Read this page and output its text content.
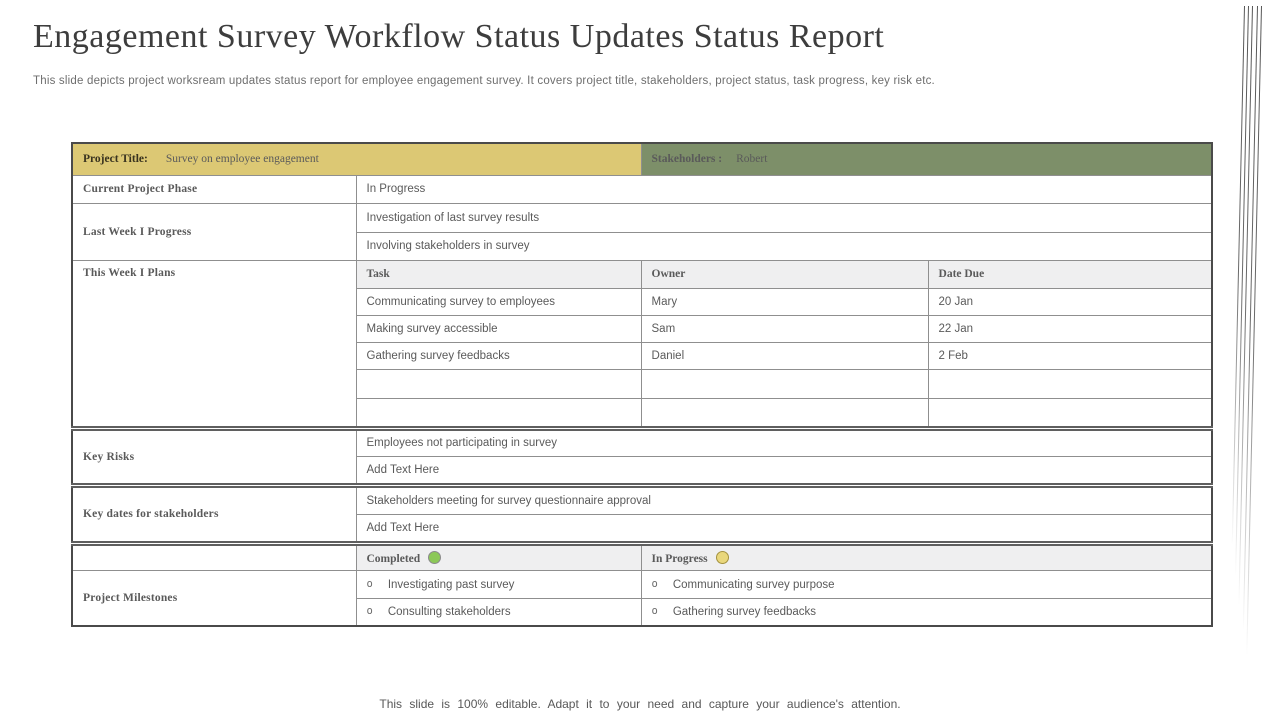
Engagement Survey Workflow Status Updates Status Report
This slide depicts project worksream updates status report for employee engagement survey. It covers project title, stakeholders, project status, task progress, key risk etc.
Project Title: Survey on employee engagement		Stakeholders : Robert	
Current Project Phase	In Progress		
Last Week I Progress	Investigation of last survey results		
	Involving stakeholders in survey		
This Week I Plans	Task	Owner	Date Due
	Communicating survey to employees	Mary	20 Jan
	Making survey accessible	Sam	22 Jan
	Gathering survey feedbacks	Daniel	2 Feb

Key Risks	Employees not participating in survey		
	Add Text Here		
Key dates for stakeholders	Stakeholders meeting for survey questionnaire approval		
	Add Text Here		
	Completed	In Progress	
Project Milestones	o Investigating past survey	o Communicating survey purpose	
	o Consulting stakeholders	o Gathering survey feedbacks	
This slide is 100% editable. Adapt it to your need and capture your audience's attention.
